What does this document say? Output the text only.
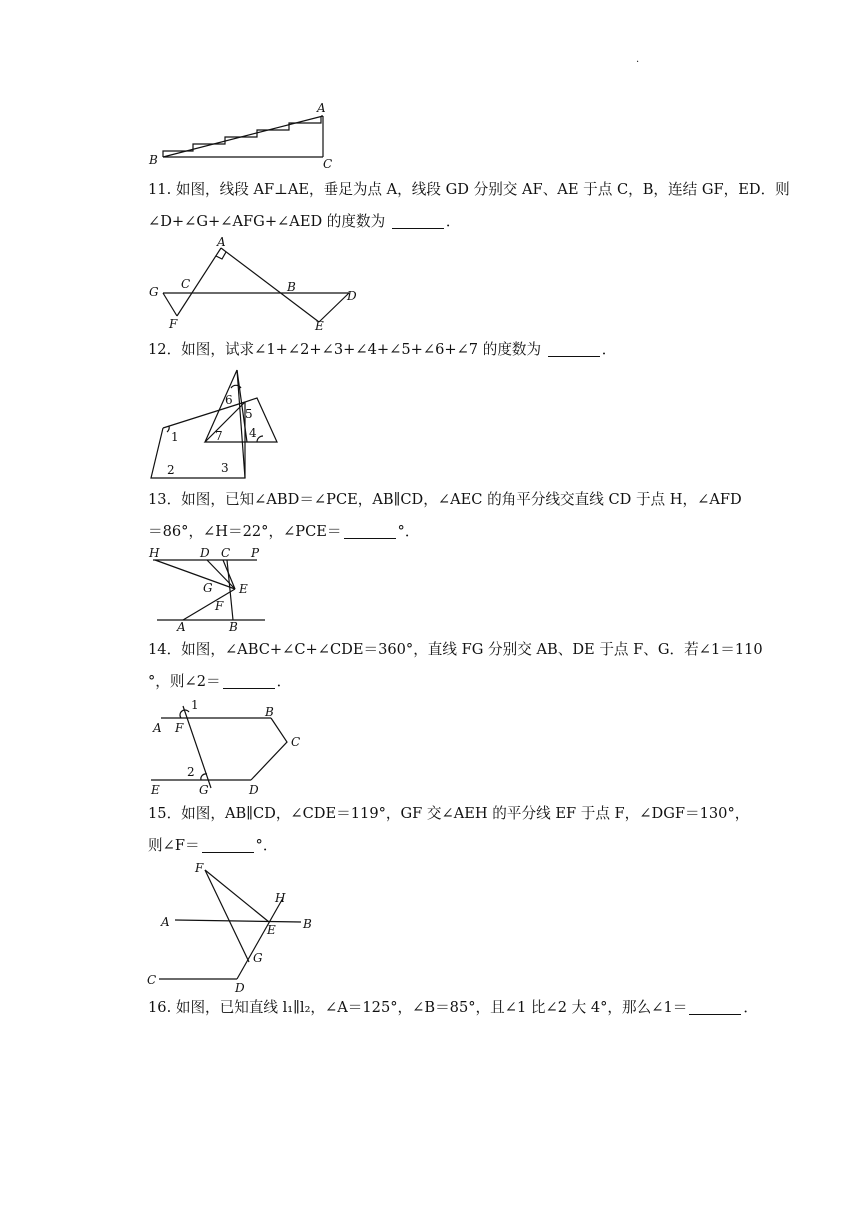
.
A
B	C
11. 如图，线段 AF⊥AE，垂足为点 A，线段 GD 分别交 AF、AE 于点 C，B，连结 GF，ED．则
∠D+∠G+∠AFG+∠AED 的度数为	．
A
C	B
G	D
F	E
12．如图，试求∠1+∠2+∠3+∠4+∠5+∠6+∠7 的度数为	．
1
2	3
4
5
6
7
13．如图，已知∠ABD＝∠PCE，AB∥CD，∠AEC 的角平分线交直线 CD 于点 H，∠AFD
＝86°，∠H＝22°，∠PCE＝	°．
H	D C P
G E
F
A	B
14．如图，∠ABC+∠C+∠CDE＝360°，直线 FG 分别交 AB、DE 于点 F、G．若∠1＝110
°，则∠2＝	．
1
A F
B
C
2
E	G	D
15．如图，AB∥CD，∠CDE＝119°，GF 交∠AEH 的平分线 EF 于点 F，∠DGF＝130°，
则∠F＝	°．
F
H
A	B
E
G
C
D
16. 如图，已知直线 l₁∥l₂，∠A＝125°，∠B＝85°，且∠1 比∠2 大 4°，那么∠1＝	．
